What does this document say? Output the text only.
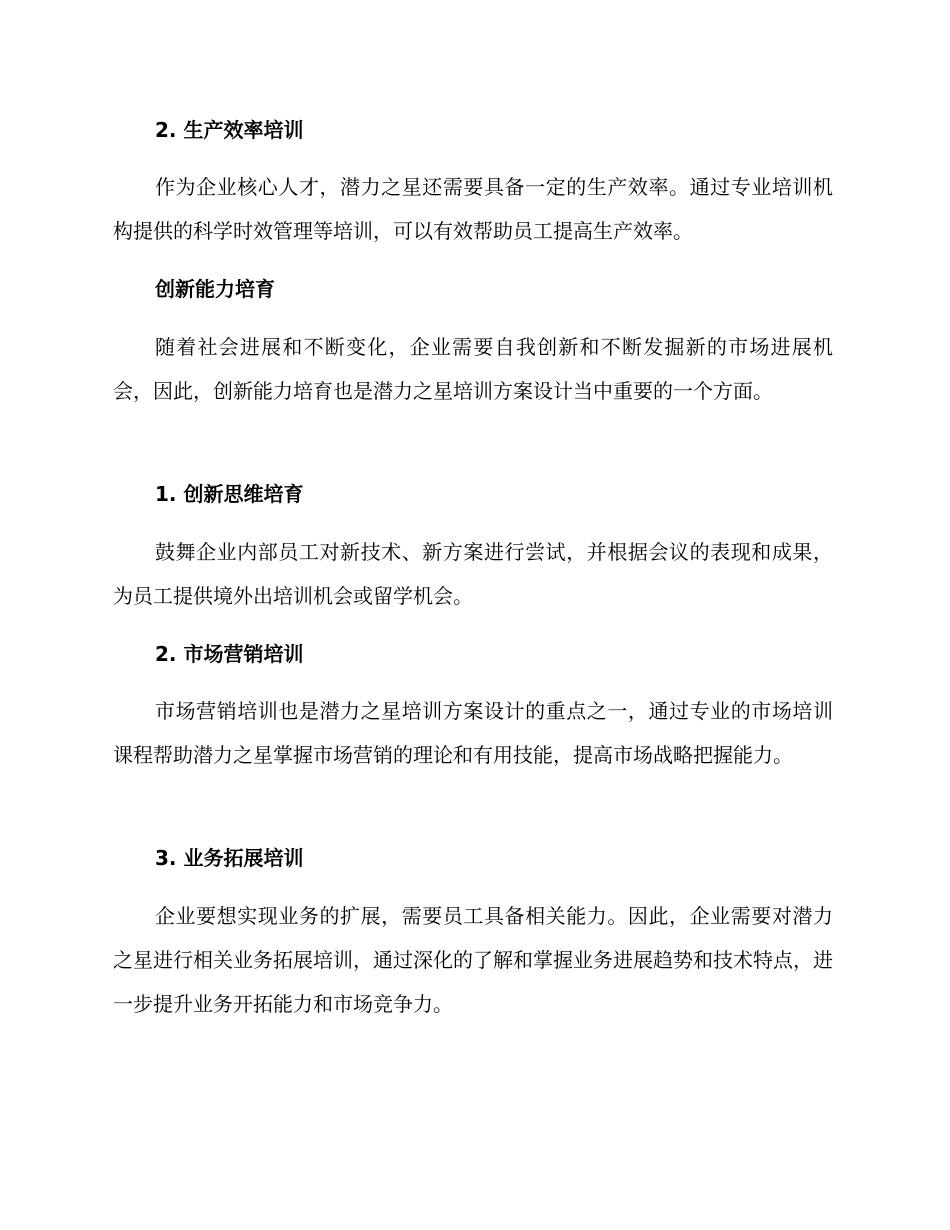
2. 生产效率培训
作为企业核心人才，潜力之星还需要具备一定的生产效率。通过专业培训机构提供的科学时效管理等培训，可以有效帮助员工提高生产效率。
创新能力培育
随着社会进展和不断变化，企业需要自我创新和不断发掘新的市场进展机会，因此，创新能力培育也是潜力之星培训方案设计当中重要的一个方面。
1. 创新思维培育
鼓舞企业内部员工对新技术、新方案进行尝试，并根据会议的表现和成果，为员工提供境外出培训机会或留学机会。
2. 市场营销培训
市场营销培训也是潜力之星培训方案设计的重点之一，通过专业的市场培训课程帮助潜力之星掌握市场营销的理论和有用技能，提高市场战略把握能力。
3. 业务拓展培训
企业要想实现业务的扩展，需要员工具备相关能力。因此，企业需要对潜力之星进行相关业务拓展培训，通过深化的了解和掌握业务进展趋势和技术特点，进一步提升业务开拓能力和市场竞争力。
